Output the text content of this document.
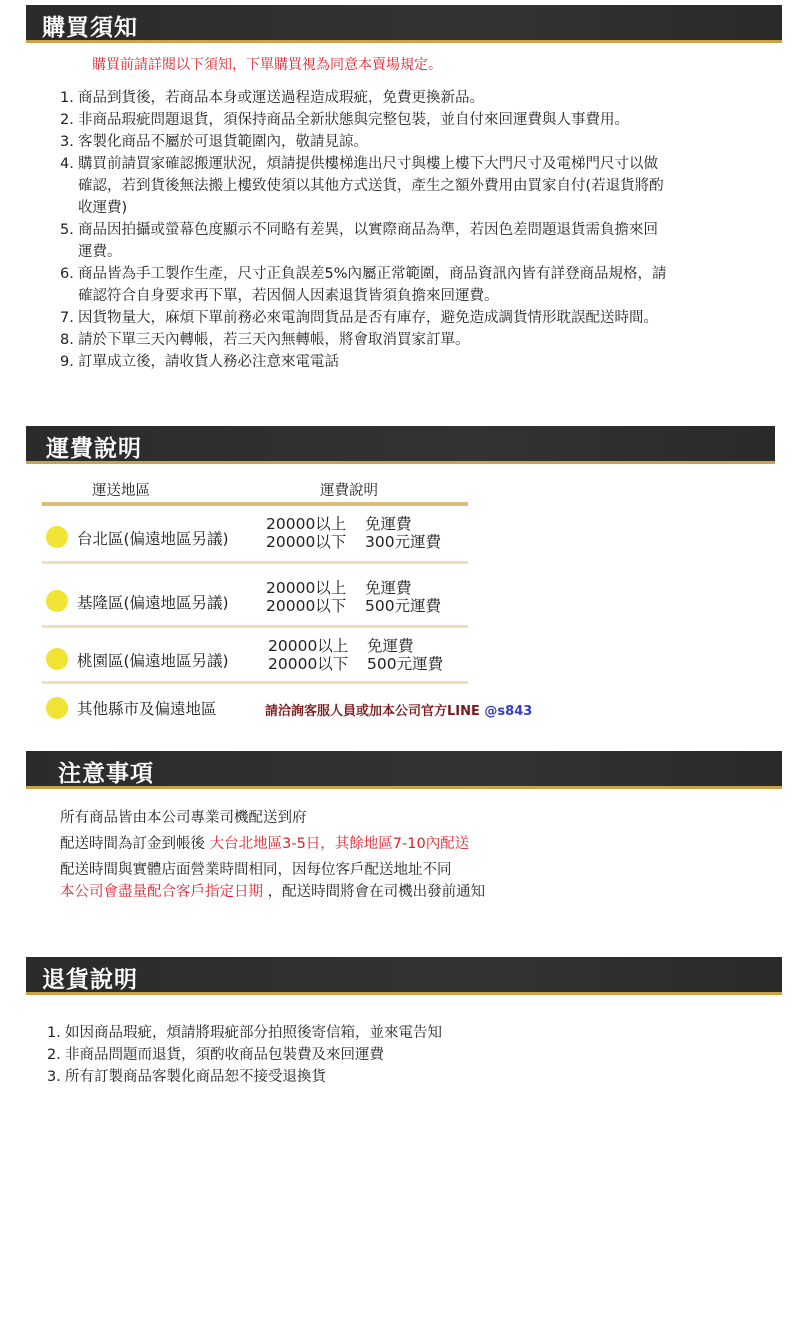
購買須知
購買前請詳閱以下須知，下單購買視為同意本賣場規定。
1. 商品到貨後，若商品本身或運送過程造成瑕疵，免費更換新品。
2. 非商品瑕疵問題退貨，須保持商品全新狀態與完整包裝，並自付來回運費與人事費用。
3. 客製化商品不屬於可退貨範圍內，敬請見諒。
4. 購買前請買家確認搬運狀況，煩請提供樓梯進出尺寸與樓上樓下大門尺寸及電梯門尺寸以做
確認，若到貨後無法搬上樓致使須以其他方式送貨，產生之額外費用由買家自付(若退貨將酌
收運費)
5. 商品因拍攝或螢幕色度顯示不同略有差異，以實際商品為準，若因色差問題退貨需負擔來回
運費。
6. 商品皆為手工製作生產，尺寸正負誤差5%內屬正常範圍，商品資訊內皆有詳登商品規格，請
確認符合自身要求再下單，若因個人因素退貨皆須負擔來回運費。
7. 因貨物量大，麻煩下單前務必來電詢問貨品是否有庫存，避免造成調貨情形耽誤配送時間。
8. 請於下單三天內轉帳，若三天內無轉帳，將會取消買家訂單。
9. 訂單成立後，請收貨人務必注意來電電話
運費說明
運送地區	運費說明
台北區(偏遠地區另議)
20000以上	免運費
20000以下	300元運費
基隆區(偏遠地區另議)
20000以上	免運費
20000以下	500元運費
桃園區(偏遠地區另議)
20000以上	免運費
20000以下	500元運費
其他縣市及偏遠地區	請洽詢客服人員或加本公司官方LINE @s843
注意事項
所有商品皆由本公司專業司機配送到府
配送時間為訂金到帳後 大台北地區3-5日，其餘地區7-10內配送
配送時間與實體店面營業時間相同，因每位客戶配送地址不同
本公司會盡量配合客戶指定日期 ，配送時間將會在司機出發前通知
退貨說明
1. 如因商品瑕疵，煩請將瑕疵部分拍照後寄信箱，並來電告知
2. 非商品問題而退貨，須酌收商品包裝費及來回運費
3. 所有訂製商品客製化商品恕不接受退換貨
